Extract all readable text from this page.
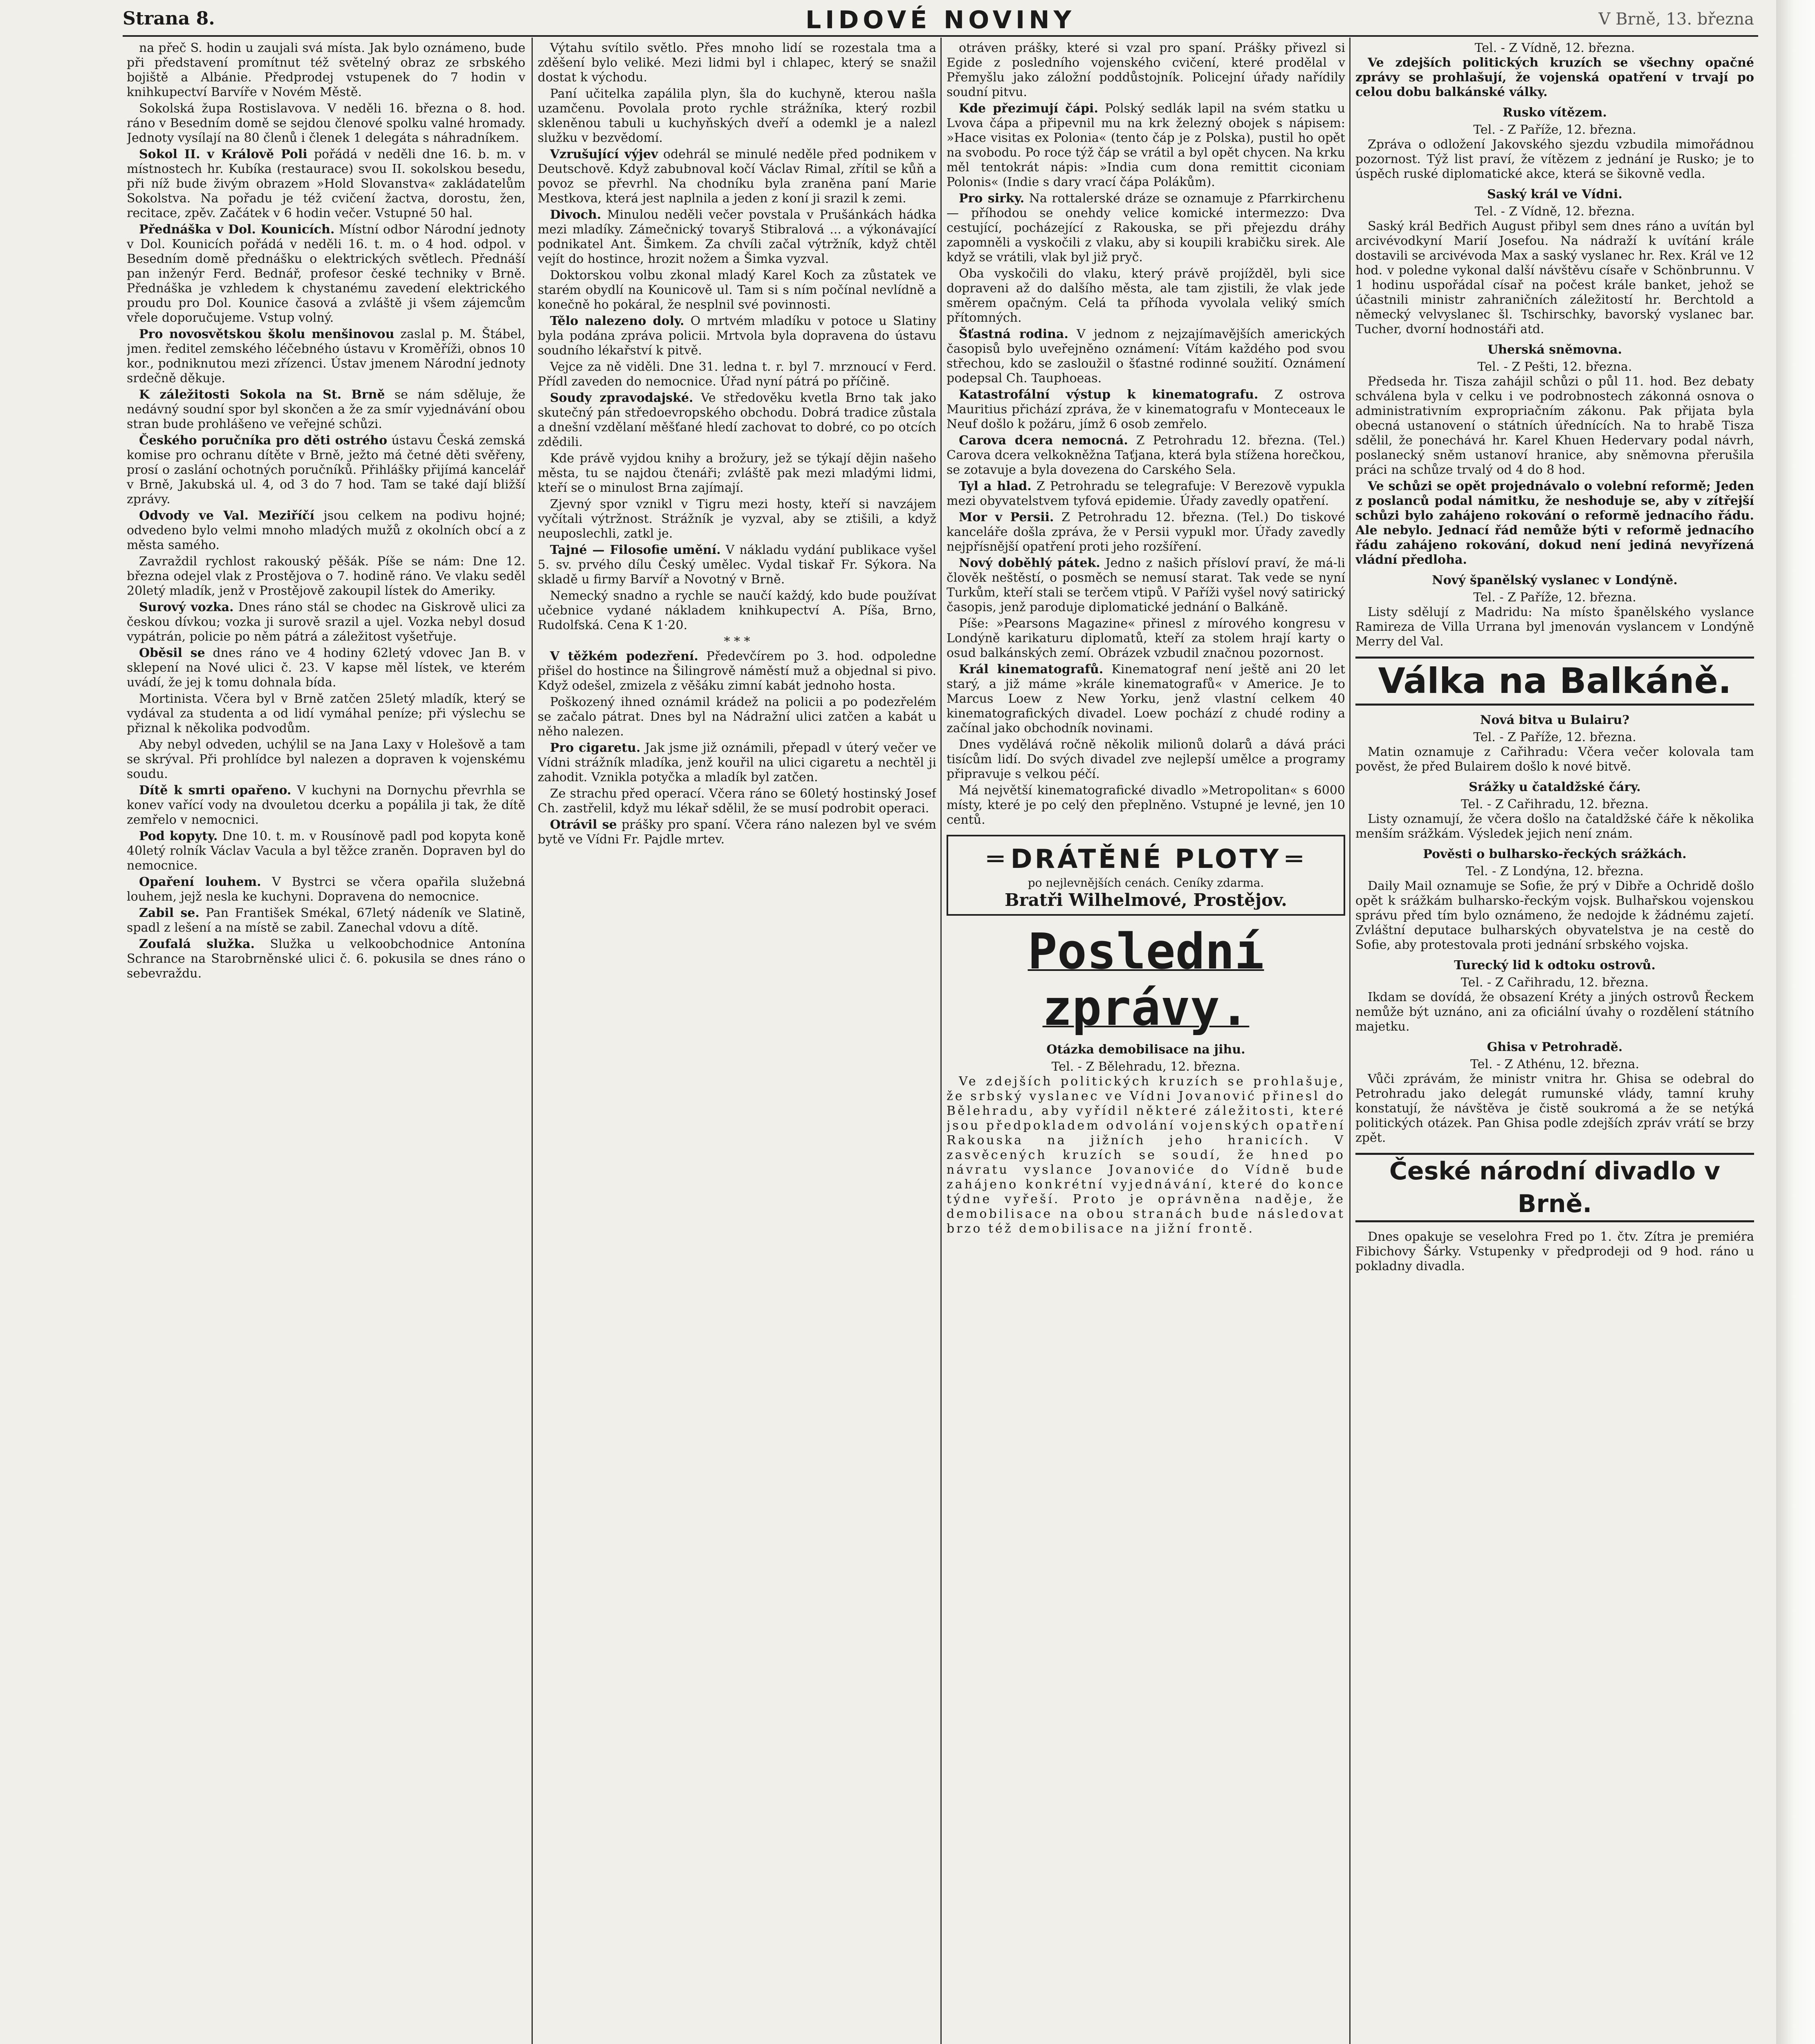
Strana 8.	LIDOVÉ NOVINY	V Brně, 13. března

na přeč S. hodin u zaujali svá místa. Jak bylo oznámeno, bude při představení promítnut též světelný obraz ze srbského bojiště a Albánie. Předprodej vstupenek do 7 hodin v knihkupectví Barvíře v Novém Městě.

Sokolská župa Rostislavova. V neděli 16. března o 8. hod. ráno v Besedním domě se sejdou členové spolku valné hromady. Jednoty vysílají na 80 členů i členek 1 delegáta s náhradníkem.

Sokol II. v Králově Poli pořádá v neděli dne 16. b. m. v místnostech hr. Kubíka (restaurace) svou II. sokolskou besedu, při níž bude živým obrazem »Hold Slovanstva« zakládatelům Sokolstva. Na pořadu je též cvičení žactva, dorostu, žen, recitace, zpěv. Začátek v 6 hodin večer. Vstupné 50 hal.

Přednáška v Dol. Kounicích. Místní odbor Národní jednoty v Dol. Kounicích pořádá v neděli 16. t. m. o 4 hod. odpol. v Besedním domě přednášku o elektrických světlech. Přednáší pan inženýr Ferd. Bednář, profesor české techniky v Brně. Přednáška je vzhledem k chystanému zavedení elektrického proudu pro Dol. Kounice časová a zvláště ji všem zájemcům vřele doporučujeme. Vstup volný.

Pro novosvětskou školu menšinovou zaslal p. M. Štábel, jmen. ředitel zemského léčebného ústavu v Kroměříži, obnos 10 kor., podniknutou mezi zřízenci. Ústav jmenem Národní jednoty srdečně děkuje.

K záležitosti Sokola na St. Brně se nám sděluje, že nedávný soudní spor byl skončen a že za smír vyjednávání obou stran bude prohlášeno ve veřejné schůzi.

Českého poručníka pro děti ostrého ústavu Česká zemská komise pro ochranu dítěte v Brně, ježto má četné děti svěřeny, prosí o zaslání ochotných poručníků. Přihlášky přijímá kancelář v Brně, Jakubská ul. 4, od 3 do 7 hod. Tam se také dají bližší zprávy.

Odvody ve Val. Meziříčí jsou celkem na podivu hojné; odvedeno bylo velmi mnoho mladých mužů z okolních obcí a z města samého.

Zavraždil rychlost rakouský pěšák. Píše se nám: Dne 12. března odejel vlak z Prostějova o 7. hodině ráno. Ve vlaku seděl 20letý mladík, jenž v Prostějově zakoupil lístek do Ameriky.

Surový vozka. Dnes ráno stál se chodec na Giskrově ulici za českou dívkou; vozka ji surově srazil a ujel. Vozka nebyl dosud vypátrán, policie po něm pátrá a záležitost vyšetřuje.

Oběsil se dnes ráno ve 4 hodiny 62letý vdovec Jan B. v sklepení na Nové ulici č. 23. V kapse měl lístek, ve kterém uvádí, že jej k tomu dohnala bída.

Mortinista. Včera byl v Brně zatčen 25letý mladík, který se vydával za studenta a od lidí vymáhal peníze; při výslechu se přiznal k několika podvodům.

Aby nebyl odveden, uchýlil se na Jana Laxy v Holešově a tam se skrýval. Při prohlídce byl nalezen a dopraven k vojenskému soudu.

Dítě k smrti opařeno. V kuchyni na Dornychu převrhla se konev vařící vody na dvouletou dcerku a popálila ji tak, že dítě zemřelo v nemocnici.

Pod kopyty. Dne 10. t. m. v Rousínově padl pod kopyta koně 40letý rolník Václav Vacula a byl těžce zraněn. Dopraven byl do nemocnice.

Opaření louhem. V Bystrci se včera opařila služebná louhem, jejž nesla ke kuchyni. Dopravena do nemocnice.

Zabil se. Pan František Smékal, 67letý nádeník ve Slatině, spadl z lešení a na místě se zabil. Zanechal vdovu a dítě.

Zoufalá služka. Služka u velkoobchodnice Antonína Schrance na Starobrněnské ulici č. 6. pokusila se dnes ráno o sebevraždu.

Výtahu svítilo světlo. Přes mnoho lidí se rozestala tma a zděšení bylo veliké. Mezi lidmi byl i chlapec, který se snažil dostat k východu.

Paní učitelka zapálila plyn, šla do kuchyně, kterou našla uzamčenu. Povolala proto rychle strážníka, který rozbil skleněnou tabuli u kuchyňských dveří a odemkl je a nalezl služku v bezvědomí.

Vzrušující výjev odehrál se minulé neděle před podnikem v Deutschově. Když zabubnoval kočí Václav Rimal, zřítil se kůň a povoz se převrhl. Na chodníku byla zraněna paní Marie Mestkova, která jest naplnila a jeden z koní ji srazil k zemi.

Divoch. Minulou neděli večer povstala v Prušánkách hádka mezi mladíky. Zámečnický tovaryš Stibralová ... a výkonávající podnikatel Ant. Šimkem. Za chvíli začal výtržník, když chtěl vejít do hostince, hrozit nožem a Šimka vyzval.

Doktorskou volbu zkonal mladý Karel Koch za zůstatek ve starém obydlí na Kounicově ul. Tam si s ním počínal nevlídně a konečně ho pokáral, že nesplnil své povinnosti.

Tělo nalezeno doly. O mrtvém mladíku v potoce u Slatiny byla podána zpráva policii. Mrtvola byla dopravena do ústavu soudního lékařství k pitvě.

Vejce za ně viděli. Dne 31. ledna t. r. byl 7. mrznoucí v Ferd. Přídl zaveden do nemocnice. Úřad nyní pátrá po příčině.

Soudy zpravodajské. Ve středověku kvetla Brno tak jako skutečný pán středoevropského obchodu. Dobrá tradice zůstala a dnešní vzdělaní měšťané hledí zachovat to dobré, co po otcích zdědili.

Kde právě vyjdou knihy a brožury, jež se týkají dějin našeho města, tu se najdou čtenáři; zvláště pak mezi mladými lidmi, kteří se o minulost Brna zajímají.

Zjevný spor vznikl v Tigru mezi hosty, kteří si navzájem vyčítali výtržnost. Strážník je vyzval, aby se ztišili, a když neuposlechli, zatkl je.

Tajné — Filosofie umění. V nákladu vydání publikace vyšel 5. sv. prvého dílu Český umělec. Vydal tiskař Fr. Sýkora. Na skladě u firmy Barvíř a Novotný v Brně.

Nemecký snadno a rychle se naučí každý, kdo bude používat učebnice vydané nákladem knihkupectví A. Píša, Brno, Rudolfská. Cena K 1·20.

* * *

V těžkém podezření. Předevčírem po 3. hod. odpoledne přišel do hostince na Šilingrově náměstí muž a objednal si pivo. Když odešel, zmizela z věšáku zimní kabát jednoho hosta.

Poškozený ihned oznámil krádež na policii a po podezřelém se začalo pátrat. Dnes byl na Nádražní ulici zatčen a kabát u něho nalezen.

Pro cigaretu. Jak jsme již oznámili, přepadl v úterý večer ve Vídni strážník mladíka, jenž kouřil na ulici cigaretu a nechtěl ji zahodit. Vznikla potyčka a mladík byl zatčen.

Ze strachu před operací. Včera ráno se 60letý hostinský Josef Ch. zastřelil, když mu lékař sdělil, že se musí podrobit operaci.

Otrávil se prášky pro spaní. Včera ráno nalezen byl ve svém bytě ve Vídni Fr. Pajdle mrtev.

otráven prášky, které si vzal pro spaní. Prášky přivezl si Egide z posledního vojenského cvičení, které prodělal v Přemyšlu jako záložní poddůstojník. Policejní úřady nařídily soudní pitvu.

Kde přezimují čápi. Polský sedlák lapil na svém statku u Lvova čápa a připevnil mu na krk železný obojek s nápisem: »Hace visitas ex Polonia« (tento čáp je z Polska), pustil ho opět na svobodu. Po roce týž čáp se vrátil a byl opět chycen. Na krku měl tentokrát nápis: »India cum dona remittit ciconiam Polonis« (Indie s dary vrací čápa Polákům).

Pro sirky. Na rottalerské dráze se oznamuje z Pfarrkirchenu — příhodou se onehdy velice komické intermezzo: Dva cestující, pocházející z Rakouska, se při přejezdu dráhy zapomněli a vyskočili z vlaku, aby si koupili krabičku sirek. Ale když se vrátili, vlak byl již pryč.

Oba vyskočili do vlaku, který právě projížděl, byli sice dopraveni až do dalšího města, ale tam zjistili, že vlak jede směrem opačným. Celá ta příhoda vyvolala veliký smích přítomných.

Šťastná rodina. V jednom z nejzajímavějších amerických časopisů bylo uveřejněno oznámení: Vítám každého pod svou střechou, kdo se zasloužil o šťastné rodinné soužití. Oznámení podepsal Ch. Tauphoeas.

Katastrofální výstup k kinematografu. Z ostrova Mauritius přichází zpráva, že v kinematografu v Monteceaux le Neuf došlo k požáru, jímž 6 osob zemřelo.

Carova dcera nemocná. Z Petrohradu 12. března. (Tel.) Carova dcera velkokněžna Taťjana, která byla stížena horečkou, se zotavuje a byla dovezena do Carského Sela.

Tyl a hlad. Z Petrohradu se telegrafuje: V Berezově vypukla mezi obyvatelstvem tyfová epidemie. Úřady zavedly opatření.

Mor v Persii. Z Petrohradu 12. března. (Tel.) Do tiskové kanceláře došla zpráva, že v Persii vypukl mor. Úřady zavedly nejpřísnější opatření proti jeho rozšíření.

Nový doběhlý pátek. Jedno z našich přísloví praví, že má-li člověk neštěstí, o posměch se nemusí starat. Tak vede se nyní Turkům, kteří stali se terčem vtipů. V Paříži vyšel nový satirický časopis, jenž paroduje diplomatické jednání o Balkáně.

Píše: »Pearsons Magazine« přinesl z mírového kongresu v Londýně karikaturu diplomatů, kteří za stolem hrají karty o osud balkánských zemí. Obrázek vzbudil značnou pozornost.

Král kinematografů. Kinematograf není ještě ani 20 let starý, a již máme »krále kinematografů« v Americe. Je to Marcus Loew z New Yorku, jenž vlastní celkem 40 kinematografických divadel. Loew pochází z chudé rodiny a začínal jako obchodník novinami.

Dnes vydělává ročně několik milionů dolarů a dává práci tisícům lidí. Do svých divadel zve nejlepší umělce a programy připravuje s velkou péčí.

Má největší kinematografické divadlo »Metropolitan« s 6000 místy, které je po celý den přeplněno. Vstupné je levné, jen 10 centů.

═ DRÁTĚNÉ PLOTY ═
po nejlevnějších cenách. Ceníky zdarma.
Bratři Wilhelmové, Prostějov.
Poslední zprávy.
Otázka demobilisace na jihu.
Tel. - Z Bělehradu, 12. března.

Ve zdejších politických kruzích se prohlašuje, že srbský vyslanec ve Vídni Jovanović přinesl do Bělehradu, aby vyřídil některé záležitosti, které jsou předpokladem odvolání vojenských opatření Rakouska na jižních jeho hranicích. V zasvěcených kruzích se soudí, že hned po návratu vyslance Jovanoviće do Vídně bude zahájeno konkrétní vyjednávání, které do konce týdne vyřeší. Proto je oprávněna naděje, že demobilisace na obou stranách bude následovat brzo též demobilisace na jižní frontě.

Tel. - Z Vídně, 12. března.

Ve zdejších politických kruzích se všechny opačné zprávy se prohlašují, že vojenská opatření v trvají po celou dobu balkánské války.

Rusko vítězem.
Tel. - Z Paříže, 12. března.

Zpráva o odložení Jakovského sjezdu vzbudila mimořádnou pozornost. Týž list praví, že vítězem z jednání je Rusko; je to úspěch ruské diplomatické akce, která se šikovně vedla.

Saský král ve Vídni.
Tel. - Z Vídně, 12. března.

Saský král Bedřich August přibyl sem dnes ráno a uvítán byl arcivévodkyní Marií Josefou. Na nádraží k uvítání krále dostavili se arcivévoda Max a saský vyslanec hr. Rex. Král ve 12 hod. v poledne vykonal další návštěvu císaře v Schönbrunnu. V 1 hodinu uspořádal císař na počest krále banket, jehož se účastnili ministr zahraničních záležitostí hr. Berchtold a německý velvyslanec šl. Tschirschky, bavorský vyslanec bar. Tucher, dvorní hodnostáři atd.

Uherská sněmovna.
Tel. - Z Pešti, 12. března.

Předseda hr. Tisza zahájil schůzi o půl 11. hod. Bez debaty schválena byla v celku i ve podrobnostech zákonná osnova o administrativním expropriačním zákonu. Pak přijata byla obecná ustanovení o státních úřednících. Na to hrabě Tisza sdělil, že ponechává hr. Karel Khuen Hedervary podal návrh, poslanecký sněm ustanoví hranice, aby sněmovna přerušila práci na schůze trvalý od 4 do 8 hod.

Ve schůzi se opět projednávalo o volební reformě; Jeden z poslanců podal námitku, že neshoduje se, aby v zítřejší schůzi bylo zahájeno rokování o reformě jednacího řádu. Ale nebylo. Jednací řád nemůže býti v reformě jednacího řádu zahájeno rokování, dokud není jediná nevyřízená vládní předloha.

Nový španělský vyslanec v Londýně.
Tel. - Z Paříže, 12. března.

Listy sdělují z Madridu: Na místo španělského vyslance Ramireza de Villa Urrana byl jmenován vyslancem v Londýně Merry del Val.

Válka na Balkáně.
Nová bitva u Bulairu?
Tel. - Z Paříže, 12. března.

Matin oznamuje z Cařihradu: Včera večer kolovala tam pověst, že před Bulairem došlo k nové bitvě.

Srážky u čataldžské čáry.
Tel. - Z Cařihradu, 12. března.

Listy oznamují, že včera došlo na čataldžské čáře k několika menším srážkám. Výsledek jejich není znám.

Pověsti o bulharsko-řeckých srážkách.
Tel. - Z Londýna, 12. března.

Daily Mail oznamuje se Sofie, že prý v Dibře a Ochridě došlo opět k srážkám bulharsko-řeckým vojsk. Bulhařskou vojenskou správu před tím bylo oznámeno, že nedojde k žádnému zajetí. Zvláštní deputace bulharských obyvatelstva je na cestě do Sofie, aby protestovala proti jednání srbského vojska.

Turecký lid k odtoku ostrovů.
Tel. - Z Cařihradu, 12. března.

Ikdam se dovídá, že obsazení Kréty a jiných ostrovů Řeckem nemůže být uznáno, ani za oficiální úvahy o rozdělení státního majetku.

Ghisa v Petrohradě.
Tel. - Z Athénu, 12. března.

Vůči zprávám, že ministr vnitra hr. Ghisa se odebral do Petrohradu jako delegát rumunské vlády, tamní kruhy konstatují, že návštěva je čistě soukromá a že se netýká politických otázek. Pan Ghisa podle zdejších zpráv vrátí se brzy zpět.

České národní divadlo v Brně.

Dnes opakuje se veselohra Fred po 1. čtv. Zítra je premiéra Fibichovy Šárky. Vstupenky v předprodeji od 9 hod. ráno u pokladny divadla.
